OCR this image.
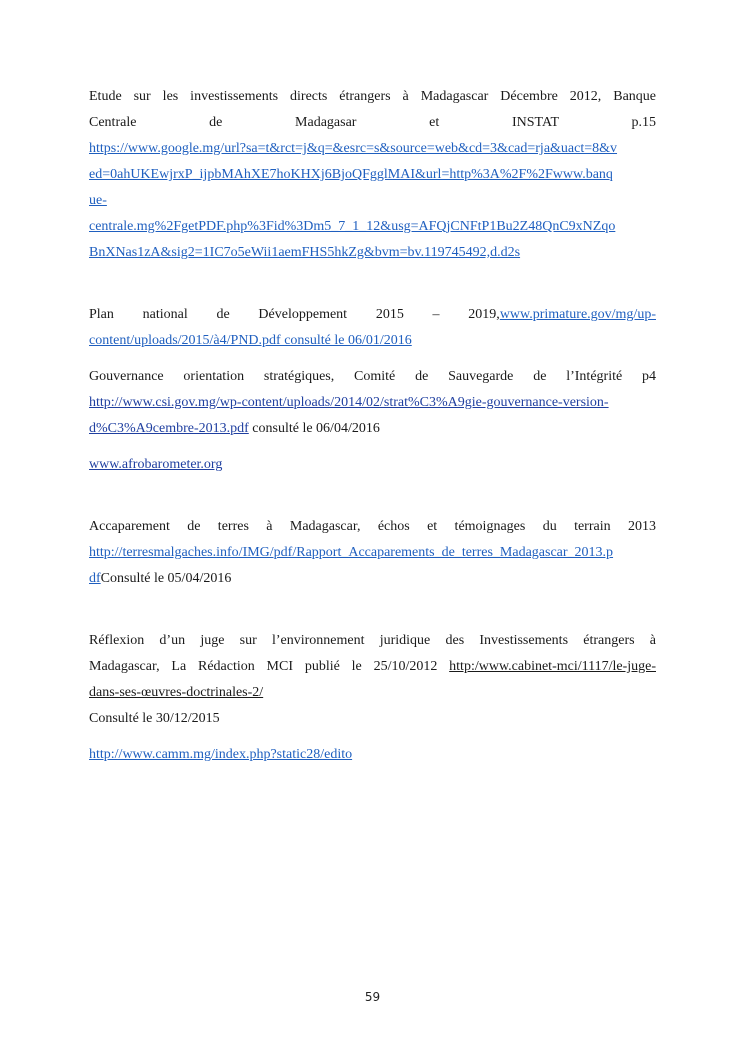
Etude sur les investissements directs étrangers à Madagascar Décembre 2012, Banque

Centrale de Madagasar et INSTAT p.15

https://www.google.mg/url?sa=t&rct=j&q=&esrc=s&source=web&cd=3&cad=rja&uact=8&v
ed=0ahUKEwjrxP_ijpbMAhXE7hoKHXj6BjoQFgglMAI&url=http%3A%2F%2Fwww.banq
ue-
centrale.mg%2FgetPDF.php%3Fid%3Dm5_7_1_12&usg=AFQjCNFtP1Bu2Z48QnC9xNZqo
BnXNas1zA&sig2=1IC7o5eWii1aemFHS5hkZg&bvm=bv.119745492,d.d2s

Plan national de Développement 2015 – 2019,www.primature.gov/mg/up-

content/uploads/2015/à4/PND.pdf consulté le 06/01/2016

Gouvernance orientation stratégiques, Comité de Sauvegarde de l’Intégrité p4

http://www.csi.gov.mg/wp-content/uploads/2014/02/strat%C3%A9gie-gouvernance-version-

d%C3%A9cembre-2013.pdf consulté le 06/04/2016

www.afrobarometer.org

Accaparement de terres à Madagascar, échos et témoignages du terrain 2013

http://terresmalgaches.info/IMG/pdf/Rapport_Accaparements_de_terres_Madagascar_2013.p

dfConsulté le 05/04/2016

Réflexion d’un juge sur l’environnement juridique des Investissements étrangers à

Madagascar, La Rédaction MCI publié le 25/10/2012 http:/www.cabinet-mci/1117/le-juge-

dans-ses-œuvres-doctrinales-2/

Consulté le 30/12/2015

http://www.camm.mg/index.php?static28/edito
59
